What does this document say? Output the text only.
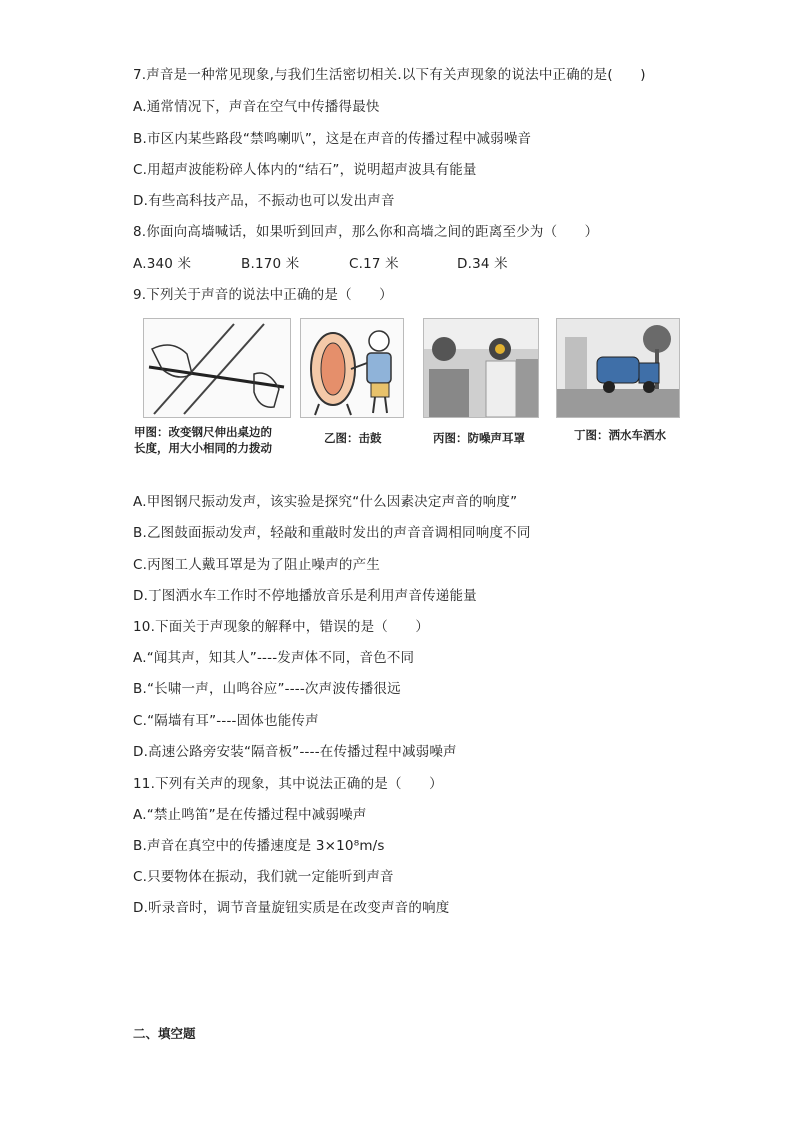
7.声音是一种常见现象,与我们生活密切相关.以下有关声现象的说法中正确的是(　　)
A.通常情况下，声音在空气中传播得最快
B.市区内某些路段“禁鸣喇叭”，这是在声音的传播过程中减弱噪音
C.用超声波能粉碎人体内的“结石”，说明超声波具有能量
D.有些高科技产品，不振动也可以发出声音
8.你面向高墙喊话，如果听到回声，那么你和高墙之间的距离至少为（　　）
A.340 米	B.170 米	C.17 米	D.34 米
9.下列关于声音的说法中正确的是（　　）
甲图：改变钢尺伸出桌边的
长度，用大小相同的力拨动
乙图：击鼓	丙图：防噪声耳罩	丁图：洒水车洒水
A.甲图钢尺振动发声，该实验是探究“什么因素决定声音的响度”
B.乙图鼓面振动发声，轻敲和重敲时发出的声音音调相同响度不同
C.丙图工人戴耳罩是为了阻止噪声的产生
D.丁图洒水车工作时不停地播放音乐是利用声音传递能量
10.下面关于声现象的解释中，错误的是（　　）
A.“闻其声，知其人”----发声体不同，音色不同
B.“长啸一声，山鸣谷应”----次声波传播很远
C.“隔墙有耳”----固体也能传声
D.高速公路旁安装“隔音板”----在传播过程中减弱噪声
11.下列有关声的现象，其中说法正确的是（　　）
A.“禁止鸣笛”是在传播过程中减弱噪声
B.声音在真空中的传播速度是 3×10⁸m/s
C.只要物体在振动，我们就一定能听到声音
D.听录音时，调节音量旋钮实质是在改变声音的响度
二、填空题
